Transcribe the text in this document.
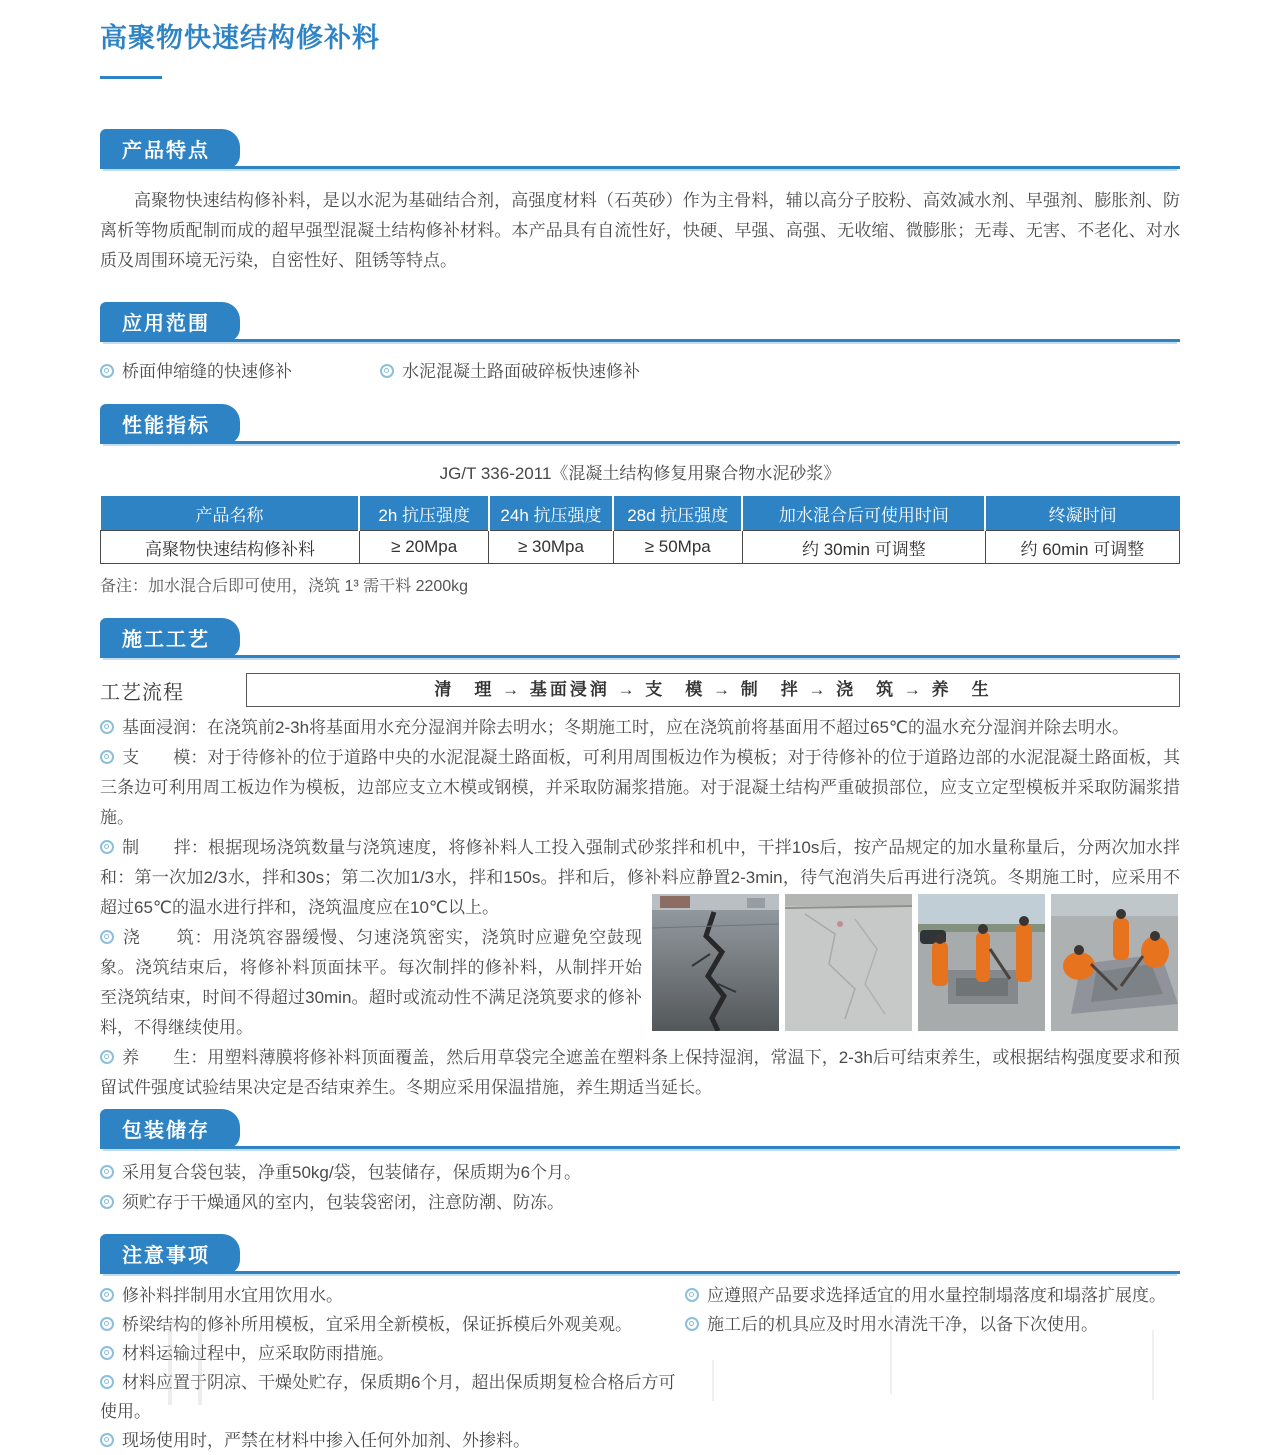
高聚物快速结构修补料
产品特点

高聚物快速结构修补料，是以水泥为基础结合剂，高强度材料（石英砂）作为主骨料，辅以高分子胶粉、高效减水剂、早强剂、膨胀剂、防离析等物质配制而成的超早强型混凝土结构修补材料。本产品具有自流性好，快硬、早强、高强、无收缩、微膨胀；无毒、无害、不老化、对水质及周围环境无污染，自密性好、阻锈等特点。

应用范围
桥面伸缩缝的快速修补	水泥混凝土路面破碎板快速修补
性能指标
JG/T 336-2011《混凝土结构修复用聚合物水泥砂浆》
产品名称	2h 抗压强度	24h 抗压强度	28d 抗压强度	加水混合后可使用时间	终凝时间
高聚物快速结构修补料	≥ 20Mpa	≥ 30Mpa	≥ 50Mpa	约 30min 可调整	约 60min 可调整
备注：加水混合后即可使用，浇筑 1³ 需干料 2200kg
施工工艺
工艺流程	清　理 → 基面浸润 → 支　模 → 制　拌 → 浇　筑 → 养　生

基面浸润：在浇筑前2-3h将基面用水充分湿润并除去明水；冬期施工时，应在浇筑前将基面用不超过65℃的温水充分湿润并除去明水。

支　　模：对于待修补的位于道路中央的水泥混凝土路面板，可利用周围板边作为模板；对于待修补的位于道路边部的水泥混凝土路面板，其三条边可利用周工板边作为模板，边部应支立木模或钢模，并采取防漏浆措施。对于混凝土结构严重破损部位，应支立定型模板并采取防漏浆措施。

制　　拌：根据现场浇筑数量与浇筑速度，将修补料人工投入强制式砂浆拌和机中，干拌10s后，按产品规定的加水量称量后，分两次加水拌和：第一次加2/3水，拌和30s；第二次加1/3水，拌和150s。拌和后，修补料应静置2-3min，待气泡消失后再进行浇筑。冬期施工时，应采用不超过65℃的温水进行拌和，浇筑温度应在10℃以上。

浇　　筑：用浇筑容器缓慢、匀速浇筑密实，浇筑时应避免空鼓现象。浇筑结束后，将修补料顶面抹平。每次制拌的修补料，从制拌开始至浇筑结束，时间不得超过30min。超时或流动性不满足浇筑要求的修补料，不得继续使用。

养　　生：用塑料薄膜将修补料顶面覆盖，然后用草袋完全遮盖在塑料条上保持湿润，常温下，2-3h后可结束养生，或根据结构强度要求和预留试件强度试验结果决定是否结束养生。冬期应采用保温措施，养生期适当延长。

包装储存
采用复合袋包装，净重50kg/袋，包装储存，保质期为6个月。
须贮存于干燥通风的室内，包装袋密闭，注意防潮、防冻。
注意事项
修补料拌制用水宜用饮用水。
桥梁结构的修补所用模板，宜采用全新模板，保证拆模后外观美观。
材料运输过程中，应采取防雨措施。
材料应置于阴凉、干燥处贮存，保质期6个月，超出保质期复检合格后方可使用。
现场使用时，严禁在材料中掺入任何外加剂、外掺料。
应遵照产品要求选择适宜的用水量控制塌落度和塌落扩展度。
施工后的机具应及时用水清洗干净，以备下次使用。
